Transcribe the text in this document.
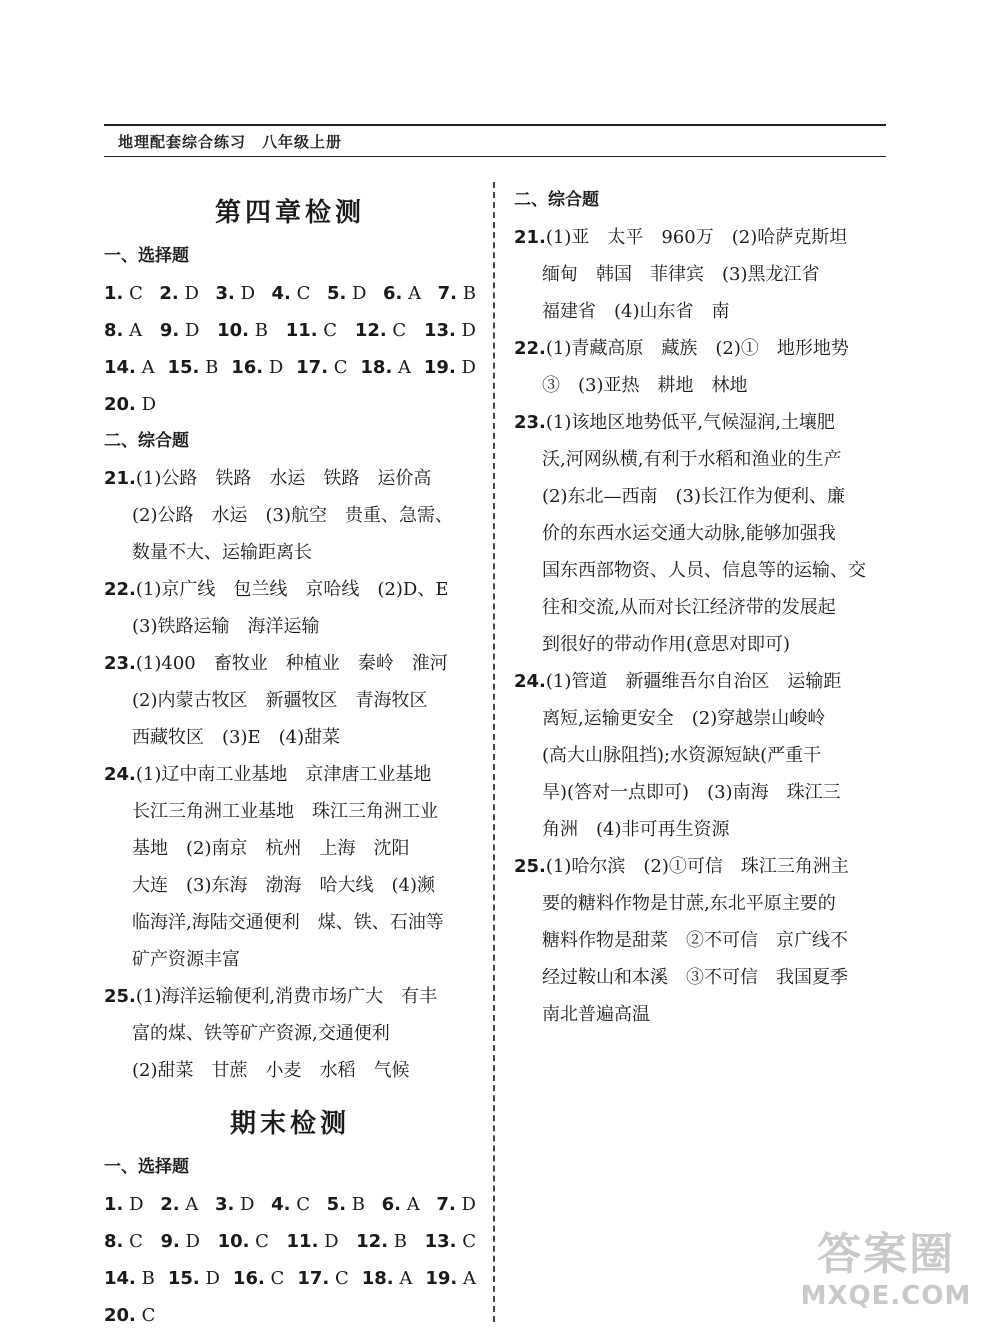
地理配套综合练习　八年级上册
第四章检测
一、选择题
1. C 2. D 3. D 4. C 5. D 6. A 7. B
8. A 9. D 10. B 11. C 12. C 13. D
14. A 15. B 16. D 17. C 18. A 19. D
20. D
二、综合题
21.(1)公路　铁路　水运　铁路　运价高
(2)公路　水运　(3)航空　贵重、急需、
数量不大、运输距离长
22.(1)京广线　包兰线　京哈线　(2)D、E
(3)铁路运输　海洋运输
23.(1)400　畜牧业　种植业　秦岭　淮河
(2)内蒙古牧区　新疆牧区　青海牧区
西藏牧区　(3)E　(4)甜菜
24.(1)辽中南工业基地　京津唐工业基地
长江三角洲工业基地　珠江三角洲工业
基地　(2)南京　杭州　上海　沈阳
大连　(3)东海　渤海　哈大线　(4)濒
临海洋,海陆交通便利　煤、铁、石油等
矿产资源丰富
25.(1)海洋运输便利,消费市场广大　有丰
富的煤、铁等矿产资源,交通便利
(2)甜菜　甘蔗　小麦　水稻　气候
期末检测
一、选择题
1. D 2. A 3. D 4. C 5. B 6. A 7. D
8. C 9. D 10. C 11. D 12. B 13. C
14. B 15. D 16. C 17. C 18. A 19. A
20. C
二、综合题
21.(1)亚　太平　960万　(2)哈萨克斯坦
缅甸　韩国　菲律宾　(3)黑龙江省
福建省　(4)山东省　南
22.(1)青藏高原　藏族　(2)①　地形地势
③　(3)亚热　耕地　林地
23.(1)该地区地势低平,气候湿润,土壤肥
沃,河网纵横,有利于水稻和渔业的生产
(2)东北—西南　(3)长江作为便利、廉
价的东西水运交通大动脉,能够加强我
国东西部物资、人员、信息等的运输、交
往和交流,从而对长江经济带的发展起
到很好的带动作用(意思对即可)
24.(1)管道　新疆维吾尔自治区　运输距
离短,运输更安全　(2)穿越崇山峻岭
(高大山脉阻挡);水资源短缺(严重干
旱)(答对一点即可)　(3)南海　珠江三
角洲　(4)非可再生资源
25.(1)哈尔滨　(2)①可信　珠江三角洲主
要的糖料作物是甘蔗,东北平原主要的
糖料作物是甜菜　②不可信　京广线不
经过鞍山和本溪　③不可信　我国夏季
南北普遍高温
答案圈
MXQE.COM
